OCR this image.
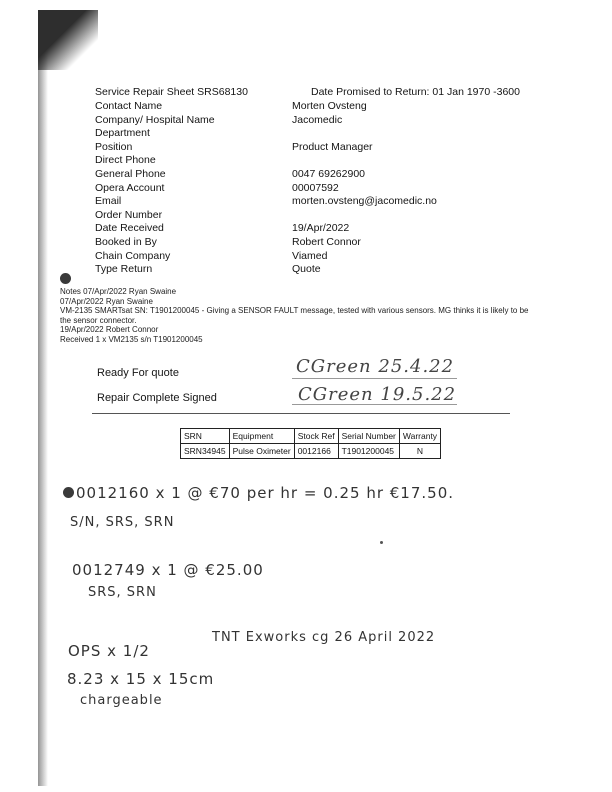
Service Repair Sheet SRS68130	Date Promised to Return: 01 Jan 1970 -3600
Contact Name	Morten Ovsteng
Company/ Hospital Name	Jacomedic
Department
Position	Product Manager
Direct Phone
General Phone	0047 69262900
Opera Account	00007592
Email	morten.ovsteng@jacomedic.no
Order Number
Date Received	19/Apr/2022
Booked in By	Robert Connor
Chain Company	Viamed
Type Return	Quote
Notes 07/Apr/2022 Ryan Swaine
07/Apr/2022 Ryan Swaine
VM-2135 SMARTsat SN: T1901200045 - Giving a SENSOR FAULT message, tested with various sensors. MG thinks it is likely to be
the sensor connector.
19/Apr/2022 Robert Connor
Received 1 x VM2135 s/n T1901200045
Ready For quote	CGreen 25.4.22
Repair Complete Signed	CGreen 19.5.22
SRN	Equipment	Stock Ref	Serial Number	Warranty
SRN34945	Pulse Oximeter	0012166	T1901200045	N
0012160 x 1 @ €70 per hr = 0.25 hr €17.50.
S/N, SRS, SRN
0012749 x 1 @ €25.00
SRS, SRN
OPS x 1/2
TNT Exworks cg 26 April 2022
8.23 x 15 x 15cm
chargeable
